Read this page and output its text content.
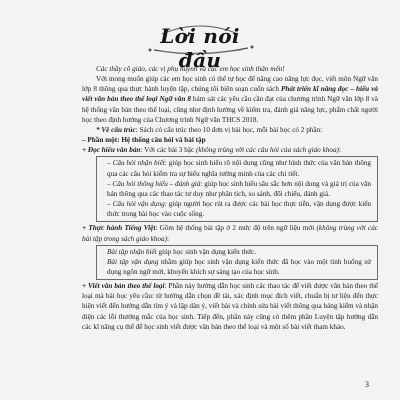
Lời nói đầu

Các thầy cô giáo, các vị phụ huynh và các em học sinh thân mến!

Với mong muốn giúp các em học sinh có thể tự học để nâng cao năng lực đọc, viết môn Ngữ văn lớp 8 thông qua thực hành luyện tập, chúng tôi biên soạn cuốn sách Phát triển kĩ năng đọc – hiểu và viết văn bản theo thể loại Ngữ văn 8 bám sát các yêu cầu cần đạt của chương trình Ngữ văn lớp 8 và hệ thống văn bản theo thể loại, cũng như định hướng về kiểm tra, đánh giá năng lực, phẩm chất người học theo định hướng của Chương trình Ngữ văn THCS 2018.

* Về cấu trúc: Sách có cấu trúc theo 10 đơn vị bài học, mỗi bài học có 2 phần:

– Phần một: Hệ thống câu hỏi và bài tập

+ Đọc hiểu văn bản: Với các bài 3 bậc (không trùng với các câu hỏi của sách giáo khoa):

– Câu hỏi nhận biết: giúp học sinh hiểu rõ nội dung cũng như hình thức của văn bản thông qua các câu hỏi kiểm tra sự hiểu nghĩa tường minh của các chi tiết.

– Câu hỏi thông hiểu – đánh giá: giúp học sinh hiểu sâu sắc hơn nội dung và giá trị của văn bản thông qua các thao tác tư duy như phân tích, so sánh, đối chiếu, đánh giá.

– Câu hỏi vận dụng: giúp người học rút ra được các bài học thực tiễn, vận dụng được kiến thức trong bài học vào cuộc sống.

+ Thực hành Tiếng Việt: Gồm hệ thống bài tập ở 2 mức độ trên ngữ liệu mới (không trùng với các bài tập trong sách giáo khoa):

Bài tập nhận biết giúp học sinh vận dụng kiến thức.

Bài tập vận dụng nhằm giúp học sinh vận dụng kiến thức đã học vào một tình huống sử dụng ngôn ngữ mới, khuyến khích sự sáng tạo của học sinh.

+ Viết văn bản theo thể loại: Phần này hướng dẫn học sinh các thao tác để viết được văn bản theo thể loại mà bài học yêu cầu: từ hướng dẫn chọn đề tài, xác định mục đích viết, chuẩn bị tư liệu đến thực hiện viết đến hướng dẫn tìm ý và lập dàn ý, viết bài và chỉnh sửa bài viết thông qua bảng kiểm và nhận diện các lỗi thường mắc của học sinh. Tiếp đến, phần này cũng có thêm phần Luyện tập hướng dẫn các kĩ năng cụ thể để học sinh viết được văn bản theo thể loại và một số bài viết tham khảo.

3
